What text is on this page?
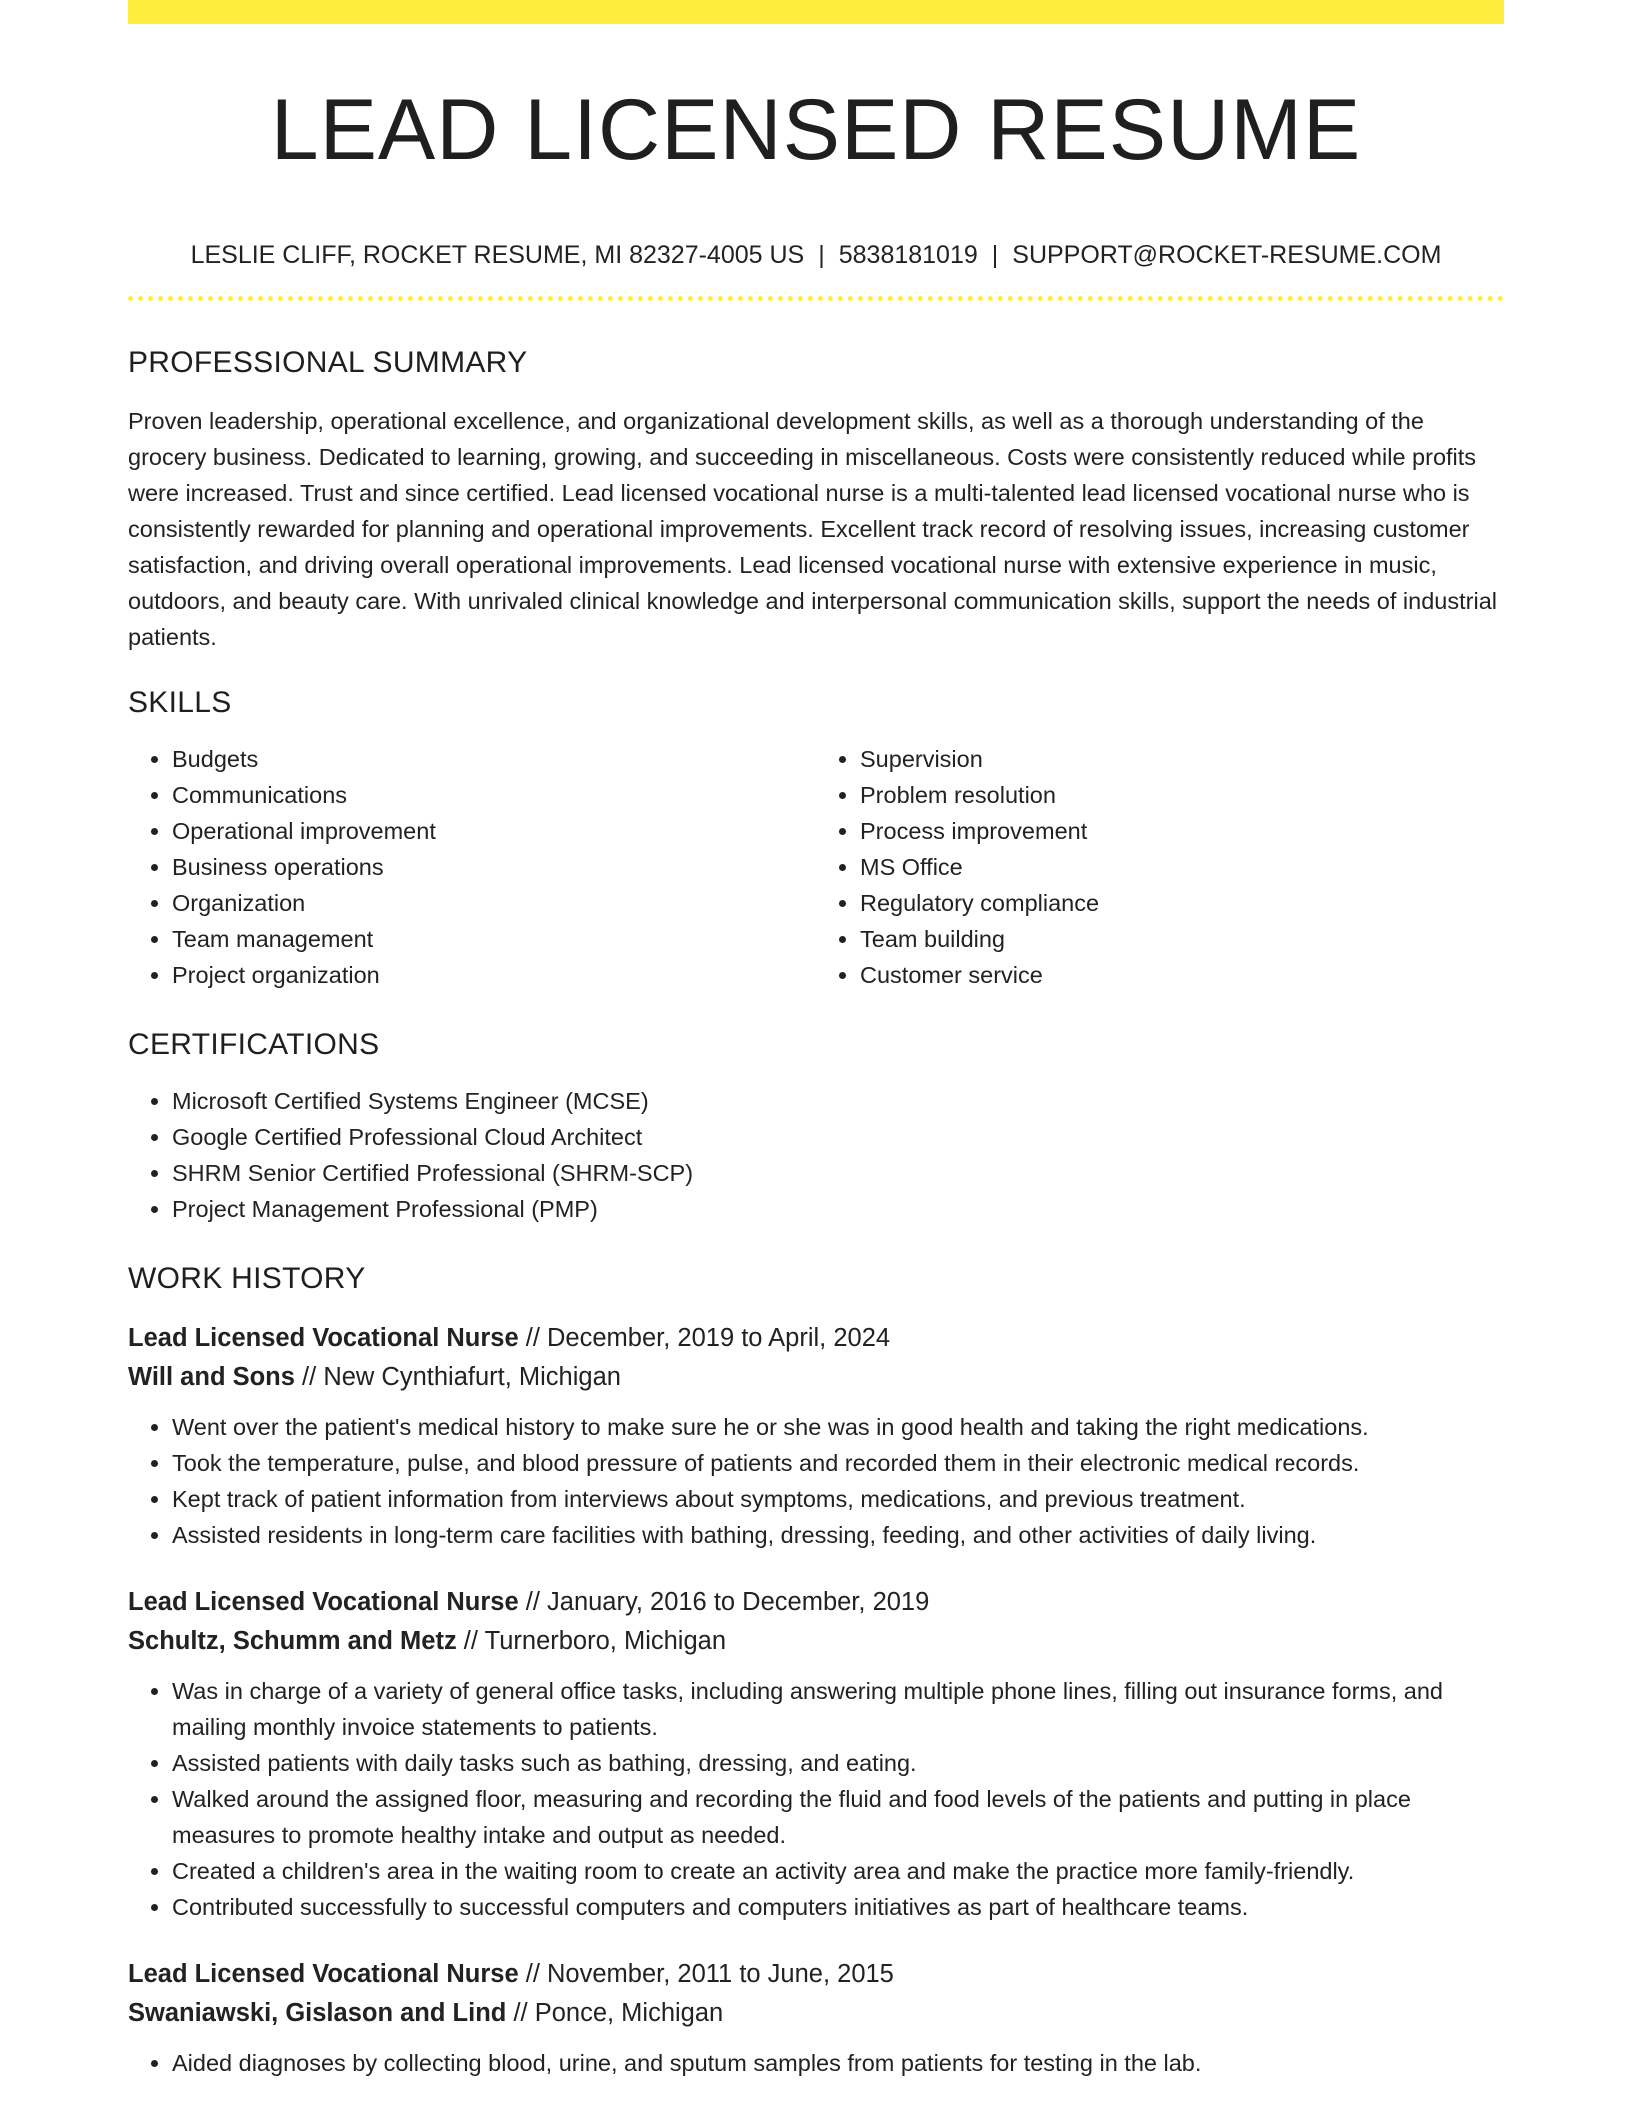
LEAD LICENSED RESUME
LESLIE CLIFF, ROCKET RESUME, MI 82327-4005 US | 5838181019 | SUPPORT@ROCKET-RESUME.COM
PROFESSIONAL SUMMARY

Proven leadership, operational excellence, and organizational development skills, as well as a thorough understanding of the grocery business. Dedicated to learning, growing, and succeeding in miscellaneous. Costs were consistently reduced while profits were increased. Trust and since certified. Lead licensed vocational nurse is a multi-talented lead licensed vocational nurse who is consistently rewarded for planning and operational improvements. Excellent track record of resolving issues, increasing customer satisfaction, and driving overall operational improvements. Lead licensed vocational nurse with extensive experience in music, outdoors, and beauty care. With unrivaled clinical knowledge and interpersonal communication skills, support the needs of industrial patients.

SKILLS
• Budgets
• Communications
• Operational improvement
• Business operations
• Organization
• Team management
• Project organization
• Supervision
• Problem resolution
• Process improvement
• MS Office
• Regulatory compliance
• Team building
• Customer service
CERTIFICATIONS
• Microsoft Certified Systems Engineer (MCSE)
• Google Certified Professional Cloud Architect
• SHRM Senior Certified Professional (SHRM-SCP)
• Project Management Professional (PMP)
WORK HISTORY
Lead Licensed Vocational Nurse // December, 2019 to April, 2024
Will and Sons // New Cynthiafurt, Michigan
• Went over the patient's medical history to make sure he or she was in good health and taking the right medications.
• Took the temperature, pulse, and blood pressure of patients and recorded them in their electronic medical records.
• Kept track of patient information from interviews about symptoms, medications, and previous treatment.
• Assisted residents in long-term care facilities with bathing, dressing, feeding, and other activities of daily living.
Lead Licensed Vocational Nurse // January, 2016 to December, 2019
Schultz, Schumm and Metz // Turnerboro, Michigan
• Was in charge of a variety of general office tasks, including answering multiple phone lines, filling out insurance forms, and mailing monthly invoice statements to patients.
• Assisted patients with daily tasks such as bathing, dressing, and eating.
• Walked around the assigned floor, measuring and recording the fluid and food levels of the patients and putting in place measures to promote healthy intake and output as needed.
• Created a children's area in the waiting room to create an activity area and make the practice more family-friendly.
• Contributed successfully to successful computers and computers initiatives as part of healthcare teams.
Lead Licensed Vocational Nurse // November, 2011 to June, 2015
Swaniawski, Gislason and Lind // Ponce, Michigan
• Aided diagnoses by collecting blood, urine, and sputum samples from patients for testing in the lab.
